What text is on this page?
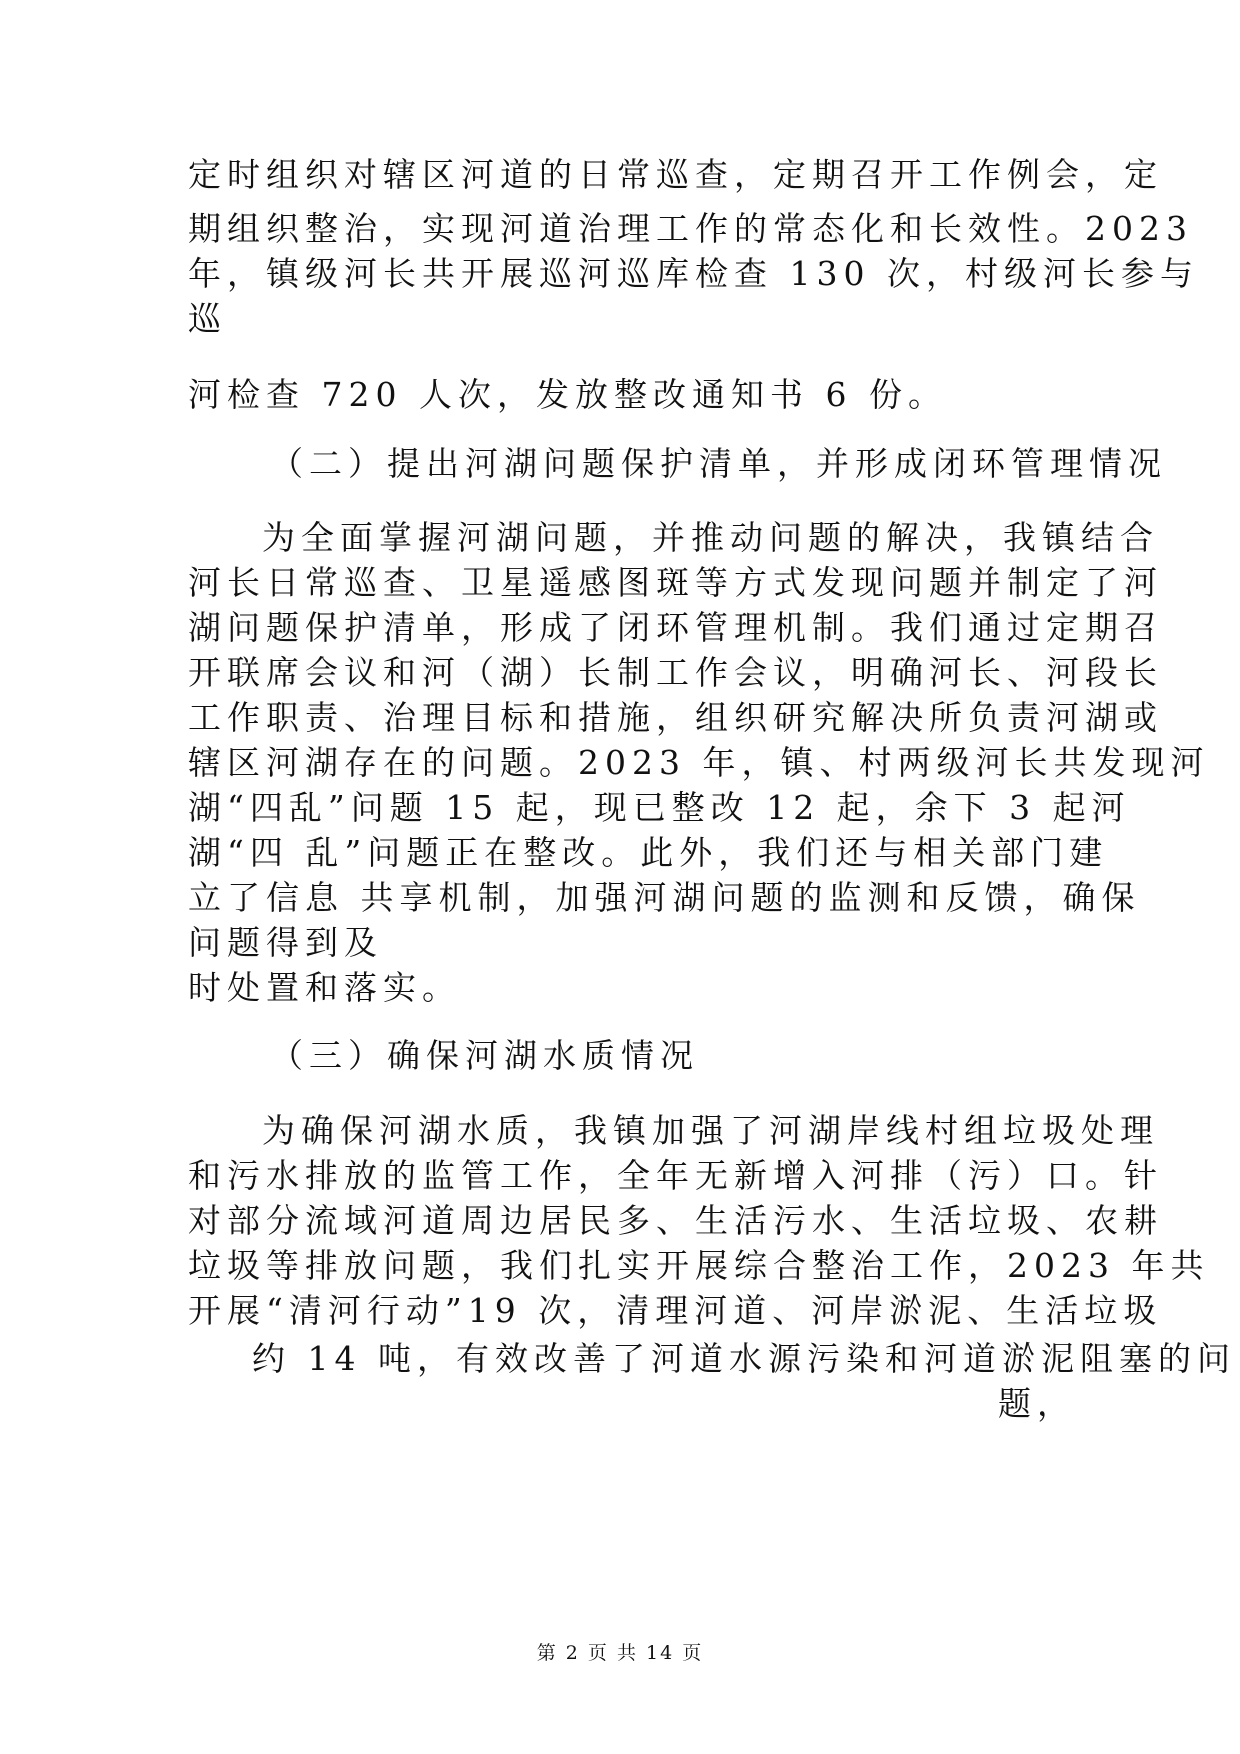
定时组织对辖区河道的日常巡查，定期召开工作例会，定
期组织整治，实现河道治理工作的常态化和长效性。2023
年，镇级河长共开展巡河巡库检查 130 次，村级河长参与
巡
河检查 720 人次，发放整改通知书 6 份。
（二）提出河湖问题保护清单，并形成闭环管理情况
为全面掌握河湖问题，并推动问题的解决，我镇结合
河长日常巡查、卫星遥感图斑等方式发现问题并制定了河
湖问题保护清单，形成了闭环管理机制。我们通过定期召
开联席会议和河（湖）长制工作会议，明确河长、河段长
工作职责、治理目标和措施，组织研究解决所负责河湖或
辖区河湖存在的问题。2023 年，镇、村两级河长共发现河
湖“四乱”问题 15 起，现已整改 12 起，余下 3 起河
湖“四 乱”问题正在整改。此外，我们还与相关部门建
立了信息 共享机制，加强河湖问题的监测和反馈，确保
问题得到及
时处置和落实。
（三）确保河湖水质情况
为确保河湖水质，我镇加强了河湖岸线村组垃圾处理
和污水排放的监管工作，全年无新增入河排（污）口。针
对部分流域河道周边居民多、生活污水、生活垃圾、农耕
垃圾等排放问题，我们扎实开展综合整治工作，2023 年共
开展“清河行动”19 次，清理河道、河岸淤泥、生活垃圾
约 14 吨，有效改善了河道水源污染和河道淤泥阻塞的问
题，
第 2 页 共 14 页
